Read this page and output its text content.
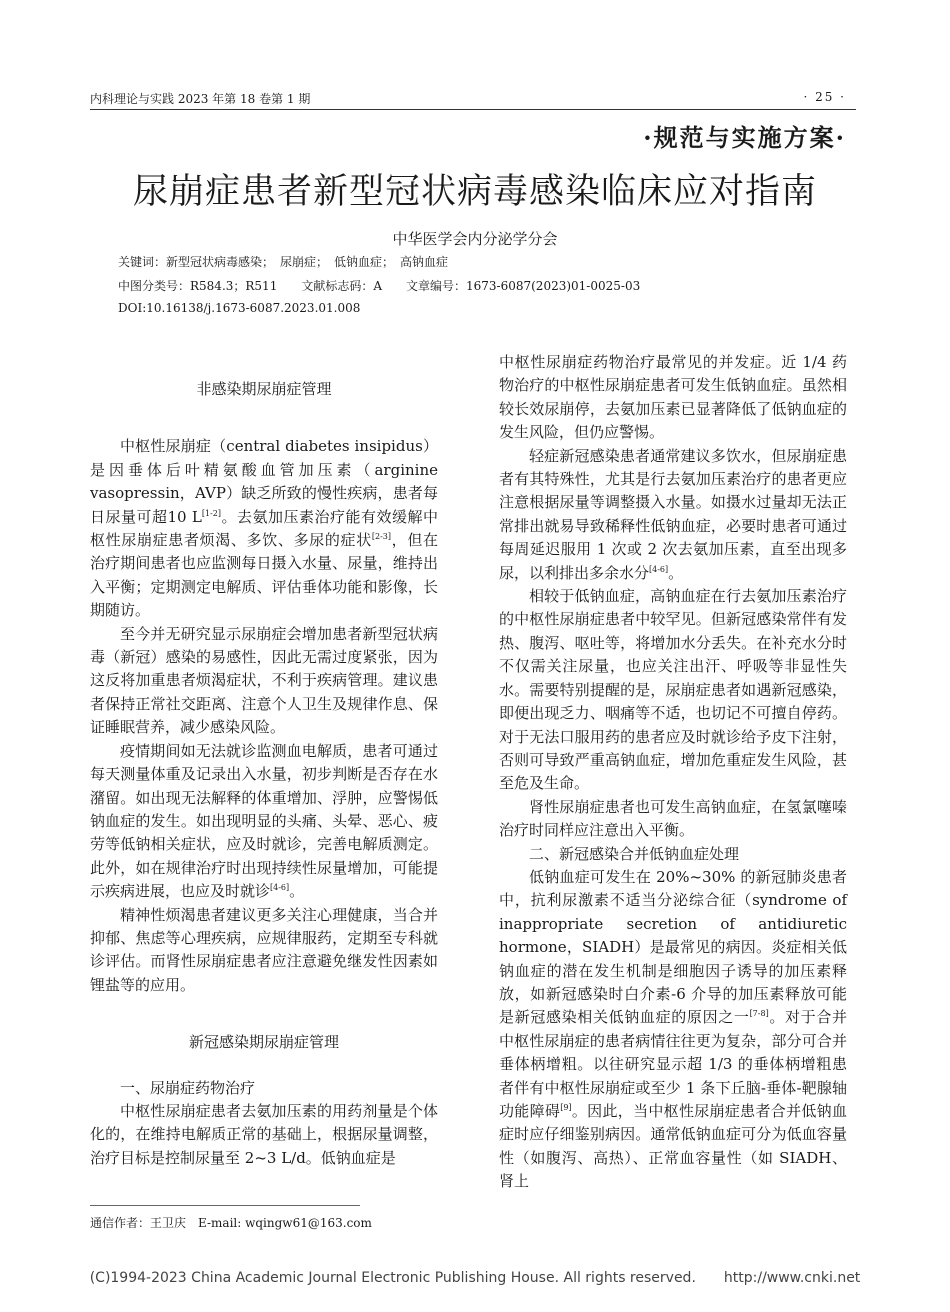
内科理论与实践 2023 年第 18 卷第 1 期	· 25 ·
·规范与实施方案·
尿崩症患者新型冠状病毒感染临床应对指南
中华医学会内分泌学分会
关键词：新型冠状病毒感染；　尿崩症；　低钠血症；　高钠血症
中图分类号：R584.3；R511　　文献标志码：A　　文章编号：1673-6087(2023)01-0025-03
DOI:10.16138/j.1673-6087.2023.01.008

非感染期尿崩症管理

中枢性尿崩症（central diabetes insipidus）是因垂体后叶精氨酸血管加压素（arginine vasopressin，AVP）缺乏所致的慢性疾病，患者每日尿量可超10 L[1-2]。去氨加压素治疗能有效缓解中枢性尿崩症患者烦渴、多饮、多尿的症状[2-3]，但在治疗期间患者也应监测每日摄入水量、尿量，维持出入平衡；定期测定电解质、评估垂体功能和影像，长期随访。

至今并无研究显示尿崩症会增加患者新型冠状病毒（新冠）感染的易感性，因此无需过度紧张，因为这反将加重患者烦渴症状，不利于疾病管理。建议患者保持正常社交距离、注意个人卫生及规律作息、保证睡眠营养，减少感染风险。

疫情期间如无法就诊监测血电解质，患者可通过每天测量体重及记录出入水量，初步判断是否存在水潴留。如出现无法解释的体重增加、浮肿，应警惕低钠血症的发生。如出现明显的头痛、头晕、恶心、疲劳等低钠相关症状，应及时就诊，完善电解质测定。此外，如在规律治疗时出现持续性尿量增加，可能提示疾病进展，也应及时就诊[4-6]。

精神性烦渴患者建议更多关注心理健康，当合并抑郁、焦虑等心理疾病，应规律服药，定期至专科就诊评估。而肾性尿崩症患者应注意避免继发性因素如锂盐等的应用。

新冠感染期尿崩症管理

一、尿崩症药物治疗

中枢性尿崩症患者去氨加压素的用药剂量是个体化的，在维持电解质正常的基础上，根据尿量调整，治疗目标是控制尿量至 2~3 L/d。低钠血症是

中枢性尿崩症药物治疗最常见的并发症。近 1/4 药物治疗的中枢性尿崩症患者可发生低钠血症。虽然相较长效尿崩停，去氨加压素已显著降低了低钠血症的发生风险，但仍应警惕。

轻症新冠感染患者通常建议多饮水，但尿崩症患者有其特殊性，尤其是行去氨加压素治疗的患者更应注意根据尿量等调整摄入水量。如摄水过量却无法正常排出就易导致稀释性低钠血症，必要时患者可通过每周延迟服用 1 次或 2 次去氨加压素，直至出现多尿，以利排出多余水分[4-6]。

相较于低钠血症，高钠血症在行去氨加压素治疗的中枢性尿崩症患者中较罕见。但新冠感染常伴有发热、腹泻、呕吐等，将增加水分丢失。在补充水分时不仅需关注尿量，也应关注出汗、呼吸等非显性失水。需要特别提醒的是，尿崩症患者如遇新冠感染，即便出现乏力、咽痛等不适，也切记不可擅自停药。对于无法口服用药的患者应及时就诊给予皮下注射，否则可导致严重高钠血症，增加危重症发生风险，甚至危及生命。

肾性尿崩症患者也可发生高钠血症，在氢氯噻嗪治疗时同样应注意出入平衡。

二、新冠感染合并低钠血症处理

低钠血症可发生在 20%~30% 的新冠肺炎患者中，抗利尿激素不适当分泌综合征（syndrome of inappropriate secretion of antidiuretic hormone，SIADH）是最常见的病因。炎症相关低钠血症的潜在发生机制是细胞因子诱导的加压素释放，如新冠感染时白介素-6 介导的加压素释放可能是新冠感染相关低钠血症的原因之一[7-8]。对于合并中枢性尿崩症的患者病情往往更为复杂，部分可合并垂体柄增粗。以往研究显示超 1/3 的垂体柄增粗患者伴有中枢性尿崩症或至少 1 条下丘脑-垂体-靶腺轴功能障碍[9]。因此，当中枢性尿崩症患者合并低钠血症时应仔细鉴别病因。通常低钠血症可分为低血容量性（如腹泻、高热）、正常血容量性（如 SIADH、肾上

通信作者：王卫庆　E-mail: wqingw61@163.com
(C)1994-2023 China Academic Journal Electronic Publishing House. All rights reserved.　　http://www.cnki.net
